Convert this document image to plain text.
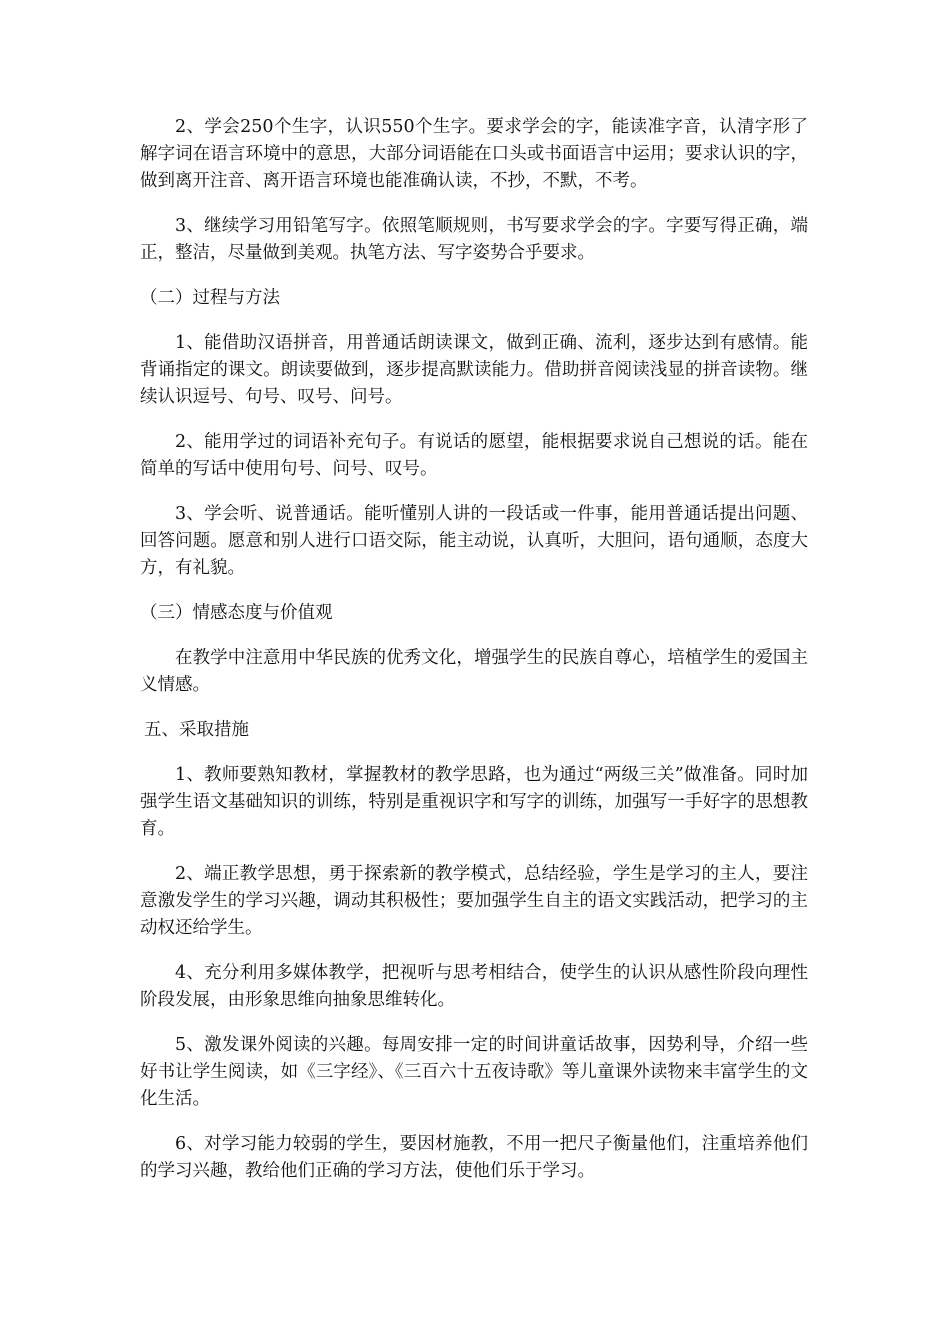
2、学会250个生字，认识550个生字。要求学会的字，能读准字音，认清字形了解字词在语言环境中的意思，大部分词语能在口头或书面语言中运用；要求认识的字，做到离开注音、离开语言环境也能准确认读，不抄，不默，不考。

3、继续学习用铅笔写字。依照笔顺规则，书写要求学会的字。字要写得正确，端正，整洁，尽量做到美观。执笔方法、写字姿势合乎要求。

（二）过程与方法

1、能借助汉语拼音，用普通话朗读课文，做到正确、流利，逐步达到有感情。能背诵指定的课文。朗读要做到，逐步提高默读能力。借助拼音阅读浅显的拼音读物。继续认识逗号、句号、叹号、问号。

2、能用学过的词语补充句子。有说话的愿望，能根据要求说自己想说的话。能在简单的写话中使用句号、问号、叹号。

3、学会听、说普通话。能听懂别人讲的一段话或一件事，能用普通话提出问题、回答问题。愿意和别人进行口语交际，能主动说，认真听，大胆问，语句通顺，态度大方，有礼貌。

（三）情感态度与价值观

在教学中注意用中华民族的优秀文化，增强学生的民族自尊心，培植学生的爱国主义情感。

五、采取措施

1、教师要熟知教材，掌握教材的教学思路，也为通过“两级三关”做准备。同时加强学生语文基础知识的训练，特别是重视识字和写字的训练，加强写一手好字的思想教育。

2、端正教学思想，勇于探索新的教学模式，总结经验，学生是学习的主人，要注意激发学生的学习兴趣，调动其积极性；要加强学生自主的语文实践活动，把学习的主动权还给学生。

4、充分利用多媒体教学，把视听与思考相结合，使学生的认识从感性阶段向理性阶段发展，由形象思维向抽象思维转化。

5、激发课外阅读的兴趣。每周安排一定的时间讲童话故事，因势利导，介绍一些好书让学生阅读，如《三字经》、《三百六十五夜诗歌》等儿童课外读物来丰富学生的文化生活。

6、对学习能力较弱的学生，要因材施教，不用一把尺子衡量他们，注重培养他们的学习兴趣，教给他们正确的学习方法，使他们乐于学习。
